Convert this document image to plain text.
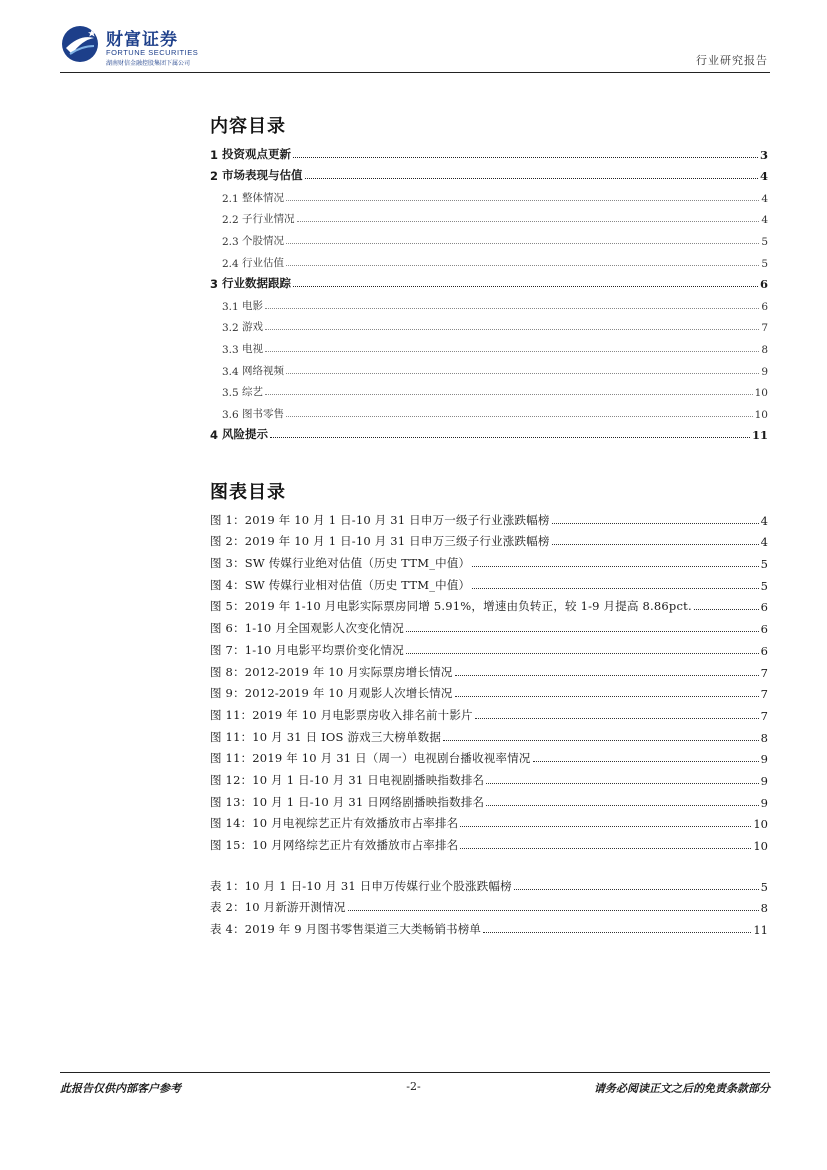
财富证券
FORTUNE SECURITIES
湖南财信金融控股集团下属公司	行业研究报告
内容目录
1 投资观点更新	3
2 市场表现与估值	4
2.1 整体情况	4
2.2 子行业情况	4
2.3 个股情况	5
2.4 行业估值	5
3 行业数据跟踪	6
3.1 电影	6
3.2 游戏	7
3.3 电视	8
3.4 网络视频	9
3.5 综艺	10
3.6 图书零售	10
4 风险提示	11
图表目录
图 1：2019 年 10 月 1 日-10 月 31 日申万一级子行业涨跌幅榜	4
图 2：2019 年 10 月 1 日-10 月 31 日申万三级子行业涨跌幅榜	4
图 3：SW 传媒行业绝对估值（历史 TTM_中值）	5
图 4：SW 传媒行业相对估值（历史 TTM_中值）	5
图 5：2019 年 1-10 月电影实际票房同增 5.91%，增速由负转正，较 1-9 月提高 8.86pct.	6
图 6：1-10 月全国观影人次变化情况	6
图 7：1-10 月电影平均票价变化情况	6
图 8：2012-2019 年 10 月实际票房增长情况	7
图 9：2012-2019 年 10 月观影人次增长情况	7
图 11：2019 年 10 月电影票房收入排名前十影片	7
图 11：10 月 31 日 IOS 游戏三大榜单数据	8
图 11：2019 年 10 月 31 日（周一）电视剧台播收视率情况	9
图 12：10 月 1 日-10 月 31 日电视剧播映指数排名	9
图 13：10 月 1 日-10 月 31 日网络剧播映指数排名	9
图 14：10 月电视综艺正片有效播放市占率排名	10
图 15：10 月网络综艺正片有效播放市占率排名	10
表 1：10 月 1 日-10 月 31 日申万传媒行业个股涨跌幅榜	5
表 2：10 月新游开测情况	8
表 4：2019 年 9 月图书零售渠道三大类畅销书榜单	11
此报告仅供内部客户参考	-2-	请务必阅读正文之后的免责条款部分
